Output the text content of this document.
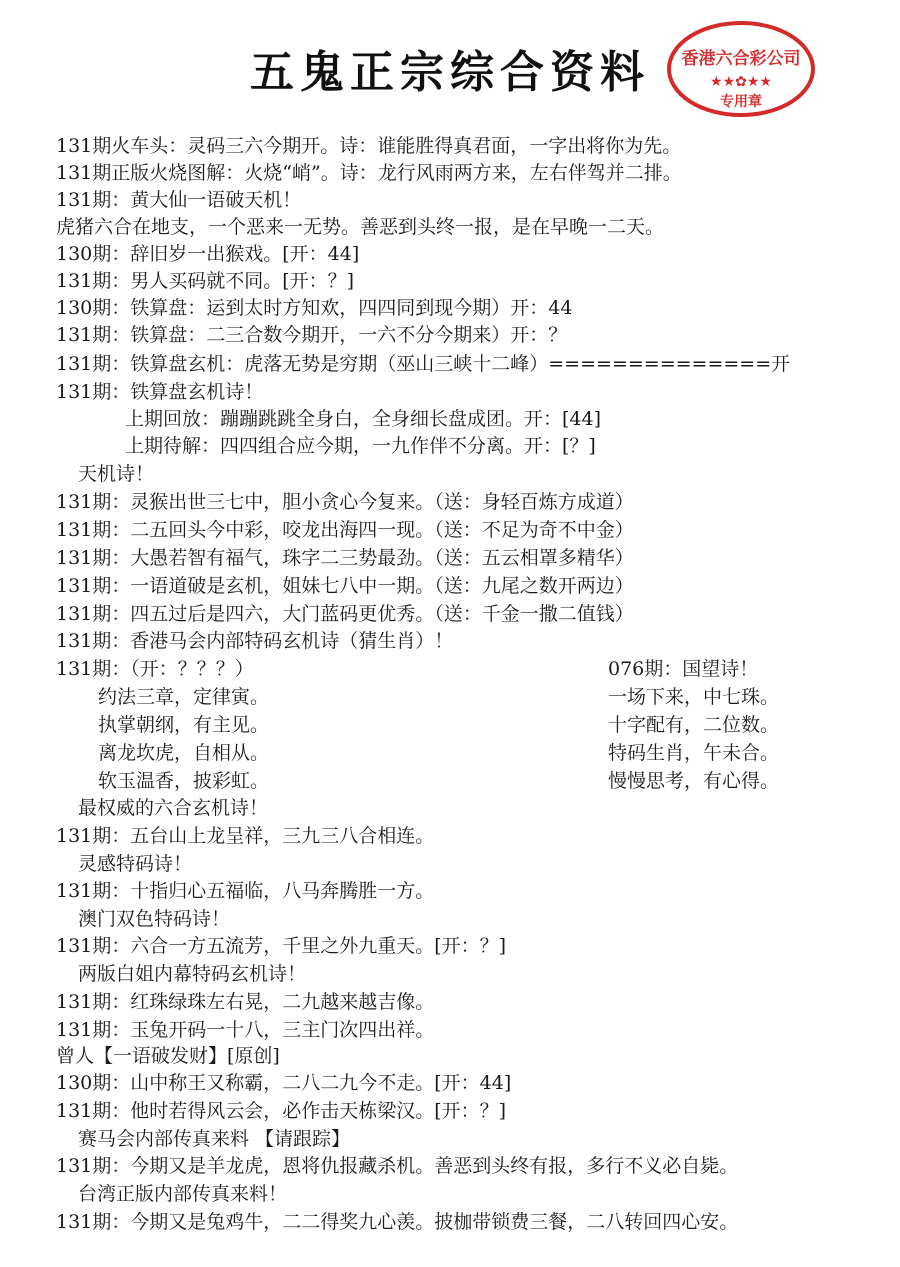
五鬼正宗综合资料	香港六合彩公司
★★✿★★
专用章
131期火车头：灵码三六今期开。诗：谁能胜得真君面，一字出将你为先。
131期正版火烧图解：火烧“峭”。诗：龙行风雨两方来，左右伴驾并二排。
131期：黄大仙一语破天机！
虎猪六合在地支，一个恶来一无势。善恶到头终一报，是在早晚一二天。
130期：辞旧岁一出猴戏。[开：44]
131期：男人买码就不同。[开：？]
130期：铁算盘：运到太时方知欢，四四同到现今期）开：44
131期：铁算盘：二三合数今期开，一六不分今期来）开：？
131期：铁算盘玄机：虎落无势是穷期（巫山三峡十二峰）==============开
131期：铁算盘玄机诗！
上期回放：蹦蹦跳跳全身白，全身细长盘成团。开：[44]
上期待解：四四组合应今期，一九作伴不分离。开：[？]
天机诗！
131期：灵猴出世三七中，胆小贪心今复来。（送：身轻百炼方成道）
131期：二五回头今中彩，咬龙出海四一现。（送：不足为奇不中金）
131期：大愚若智有福气，珠字二三势最劲。（送：五云相罩多精华）
131期：一语道破是玄机，姐妹七八中一期。（送：九尾之数开两边）
131期：四五过后是四六，大门蓝码更优秀。（送：千金一撒二值钱）
131期：香港马会内部特码玄机诗（猜生肖）！
131期：（开：？？？）
约法三章，定律寅。
执掌朝纲，有主见。
离龙坎虎，自相从。
软玉温香，披彩虹。
最权威的六合玄机诗！
131期：五台山上龙呈祥，三九三八合相连。
灵感特码诗！
131期：十指归心五福临，八马奔腾胜一方。
澳门双色特码诗！
131期：六合一方五流芳，千里之外九重天。[开：？]
两版白姐内幕特码玄机诗！
131期：红珠绿珠左右晃，二九越来越吉像。
131期：玉兔开码一十八，三主门次四出祥。
曾人【一语破发财】[原创]
130期：山中称王又称霸，二八二九今不走。[开：44]
131期：他时若得风云会，必作击天栋梁汉。[开：？]
赛马会内部传真来料 【请跟踪】
131期：今期又是羊龙虎，恩将仇报藏杀机。善恶到头终有报，多行不义必自毙。
台湾正版内部传真来料！
131期：今期又是兔鸡牛，二二得奖九心羡。披枷带锁费三餐，二八转回四心安。
076期：国望诗！
一场下来，中七珠。
十字配有，二位数。
特码生肖，午未合。
慢慢思考，有心得。
